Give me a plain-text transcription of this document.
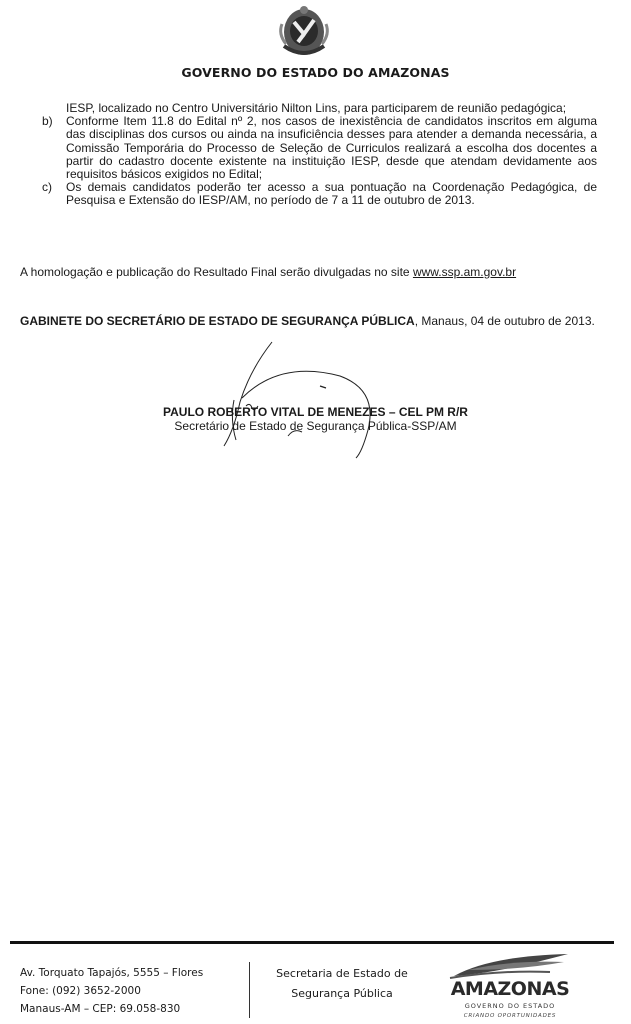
GOVERNO DO ESTADO DO AMAZONAS
IESP, localizado no Centro Universitário Nilton Lins, para participarem de reunião pedagógica;
b)	Conforme Item 11.8 do Edital nº 2, nos casos de inexistência de candidatos inscritos em alguma das disciplinas dos cursos ou ainda na insuficiência desses para atender a demanda necessária, a Comissão Temporária do Processo de Seleção de Curriculos realizará a escolha dos docentes a partir do cadastro docente existente na instituição IESP, desde que atendam devidamente aos requisitos básicos exigidos no Edital;
c)	Os demais candidatos poderão ter acesso a sua pontuação na Coordenação Pedagógica, de Pesquisa e Extensão do IESP/AM, no período de 7 a 11 de outubro de 2013.
A homologação e publicação do Resultado Final serão divulgadas no site www.ssp.am.gov.br
GABINETE DO SECRETÁRIO DE ESTADO DE SEGURANÇA PÚBLICA, Manaus, 04 de outubro de 2013.
PAULO ROBERTO VITAL DE MENEZES – CEL PM R/R
Secretário de Estado de Segurança Pública-SSP/AM
Av. Torquato Tapajós, 5555 – Flores
Fone: (092) 3652-2000
Manaus-AM – CEP: 69.058-830
Secretaria de Estado de
Segurança Pública	AMAZONAS
GOVERNO DO ESTADO
CRIANDO OPORTUNIDADES
